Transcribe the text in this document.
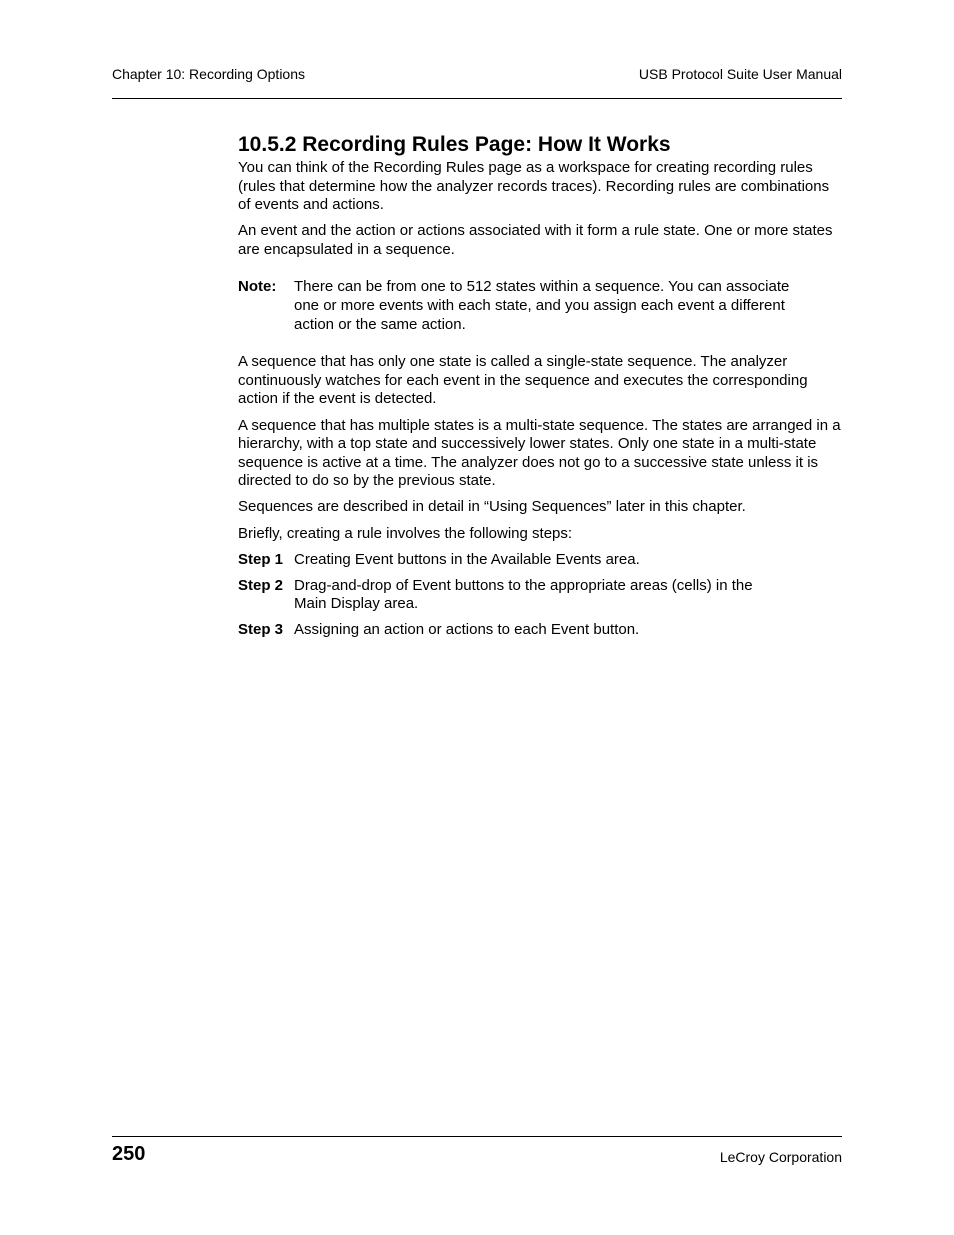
Chapter 10: Recording Options	USB Protocol Suite User Manual
10.5.2 Recording Rules Page: How It Works

You can think of the Recording Rules page as a workspace for creating recording rules (rules that determine how the analyzer records traces). Recording rules are combinations of events and actions.

An event and the action or actions associated with it form a rule state. One or more states are encapsulated in a sequence.

Note:	There can be from one to 512 states within a sequence. You can associate one or more events with each state, and you assign each event a different action or the same action.

A sequence that has only one state is called a single-state sequence. The analyzer continuously watches for each event in the sequence and executes the corresponding action if the event is detected.

A sequence that has multiple states is a multi-state sequence. The states are arranged in a hierarchy, with a top state and successively lower states. Only one state in a multi-state sequence is active at a time. The analyzer does not go to a successive state unless it is directed to do so by the previous state.

Sequences are described in detail in “Using Sequences” later in this chapter.

Briefly, creating a rule involves the following steps:

Step 1 Creating Event buttons in the Available Events area.
Step 2 Drag-and-drop of Event buttons to the appropriate areas (cells) in the Main Display area.
Step 3 Assigning an action or actions to each Event button.
250	LeCroy Corporation
